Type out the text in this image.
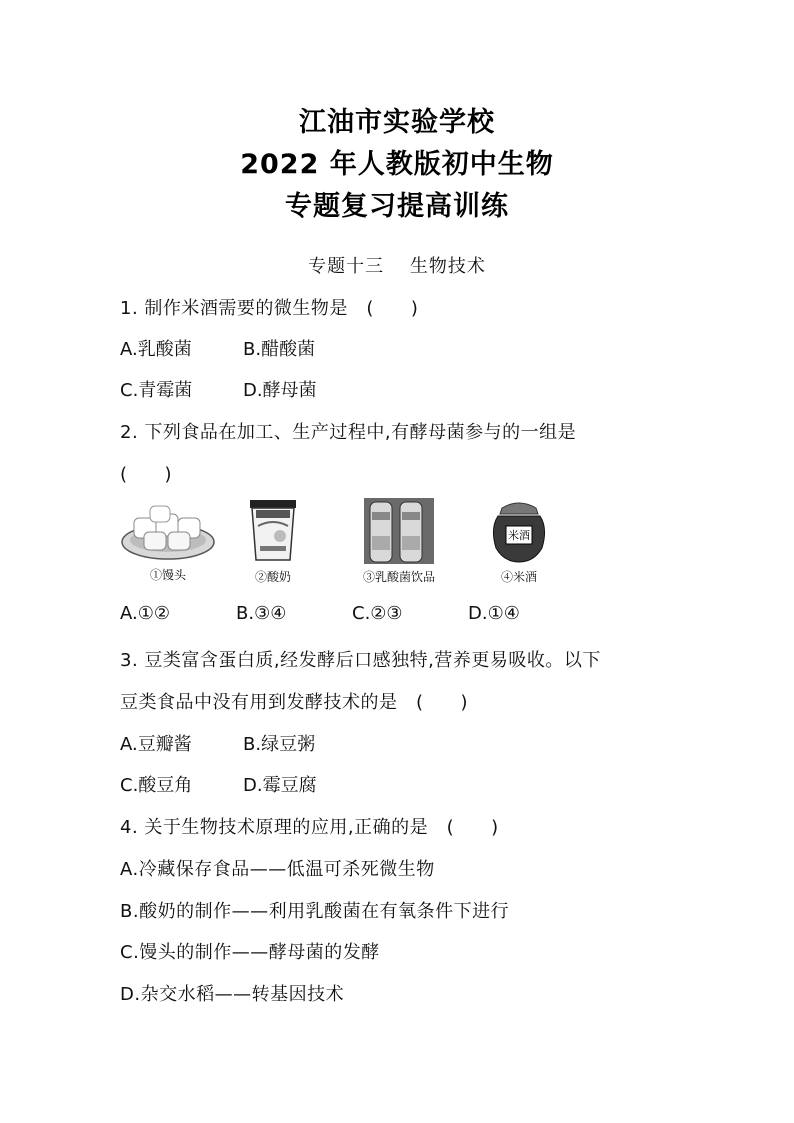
江油市实验学校
2022 年人教版初中生物
专题复习提高训练
专题十三　 生物技术
1. 制作米酒需要的微生物是　(　　)
A.乳酸菌	B.醋酸菌
C.青霉菌	D.酵母菌
2. 下列食品在加工、生产过程中,有酵母菌参与的一组是
(　　)
①馒头	②酸奶	③乳酸菌饮品
米酒
④米酒
A.①②	B.③④	C.②③	D.①④
3. 豆类富含蛋白质,经发酵后口感独特,营养更易吸收。以下
豆类食品中没有用到发酵技术的是　(　　)
A.豆瓣酱	B.绿豆粥
C.酸豆角	D.霉豆腐
4. 关于生物技术原理的应用,正确的是　(　　)
A.冷藏保存食品——低温可杀死微生物
B.酸奶的制作——利用乳酸菌在有氧条件下进行
C.馒头的制作——酵母菌的发酵
D.杂交水稻——转基因技术
